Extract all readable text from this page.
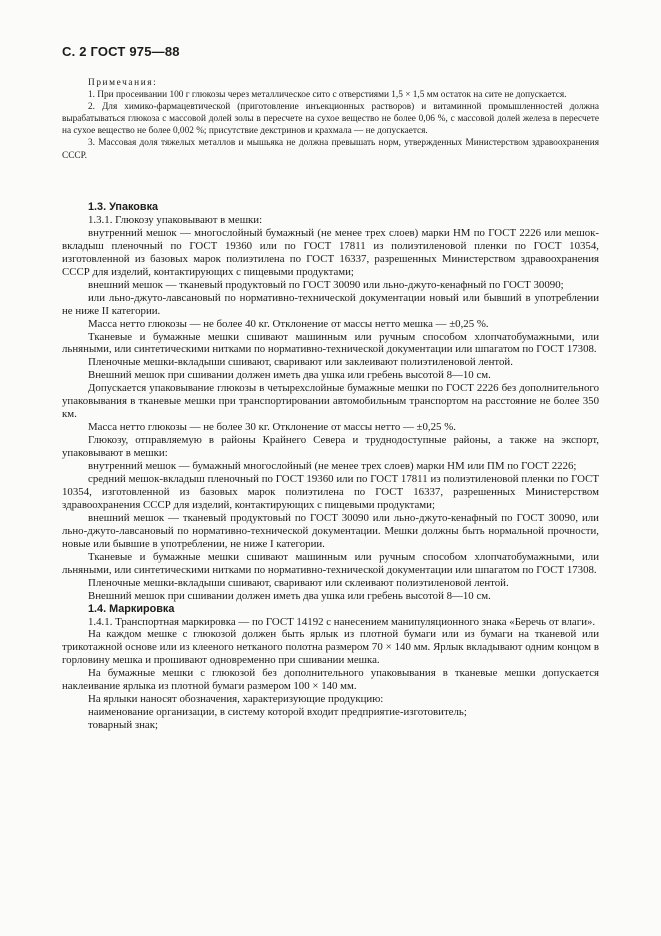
С. 2 ГОСТ 975—88
Примечания:

1. При просеивании 100 г глюкозы через металлическое сито с отверстиями 1,5 × 1,5 мм остаток на сите не допускается.

2. Для химико-фармацевтической (приготовление инъекционных растворов) и витаминной промышленностей должна вырабатываться глюкоза с массовой долей золы в пересчете на сухое вещество не более 0,06 %, с массовой долей железа в пересчете на сухое вещество не более 0,002 %; присутствие декстринов и крахмала — не допускается.

3. Массовая доля тяжелых металлов и мышьяка не должна превышать норм, утвержденных Министерством здравоохранения СССР.

1.3. Упаковка

1.3.1. Глюкозу упаковывают в мешки:

внутренний мешок — многослойный бумажный (не менее трех слоев) марки НМ по ГОСТ 2226 или мешок-вкладыш пленочный по ГОСТ 19360 или по ГОСТ 17811 из полиэтиленовой пленки по ГОСТ 10354, изготовленной из базовых марок полиэтилена по ГОСТ 16337, разрешенных Министерством здравоохранения СССР для изделий, контактирующих с пищевыми продуктами;

внешний мешок — тканевый продуктовый по ГОСТ 30090 или льно-джуто-кенафный по ГОСТ 30090;

или льно-джуто-лавсановый по нормативно-технической документации новый или бывший в употреблении не ниже II категории.

Масса нетто глюкозы — не более 40 кг. Отклонение от массы нетто мешка — ±0,25 %.

Тканевые и бумажные мешки сшивают машинным или ручным способом хлопчатобумажными, или льняными, или синтетическими нитками по нормативно-технической документации или шпагатом по ГОСТ 17308.

Пленочные мешки-вкладыши сшивают, сваривают или заклеивают полиэтиленовой лентой.

Внешний мешок при сшивании должен иметь два ушка или гребень высотой 8—10 см.

Допускается упаковывание глюкозы в четырехслойные бумажные мешки по ГОСТ 2226 без дополнительного упаковывания в тканевые мешки при транспортировании автомобильным транспортом на расстояние не более 350 км.

Масса нетто глюкозы — не более 30 кг. Отклонение от массы нетто — ±0,25 %.

Глюкозу, отправляемую в районы Крайнего Севера и труднодоступные районы, а также на экспорт, упаковывают в мешки:

внутренний мешок — бумажный многослойный (не менее трех слоев) марки НМ или ПМ по ГОСТ 2226;

средний мешок-вкладыш пленочный по ГОСТ 19360 или по ГОСТ 17811 из полиэтиленовой пленки по ГОСТ 10354, изготовленной из базовых марок полиэтилена по ГОСТ 16337, разрешенных Министерством здравоохранения СССР для изделий, контактирующих с пищевыми продуктами;

внешний мешок — тканевый продуктовый по ГОСТ 30090 или льно-джуто-кенафный по ГОСТ 30090, или льно-джуто-лавсановый по нормативно-технической документации. Мешки должны быть нормальной прочности, новые или бывшие в употреблении, не ниже I категории.

Тканевые и бумажные мешки сшивают машинным или ручным способом хлопчатобумажными, или льняными, или синтетическими нитками по нормативно-технической документации или шпагатом по ГОСТ 17308.

Пленочные мешки-вкладыши сшивают, сваривают или склеивают полиэтиленовой лентой.

Внешний мешок при сшивании должен иметь два ушка или гребень высотой 8—10 см.

1.4. Маркировка

1.4.1. Транспортная маркировка — по ГОСТ 14192 с нанесением манипуляционного знака «Беречь от влаги».

На каждом мешке с глюкозой должен быть ярлык из плотной бумаги или из бумаги на тканевой или трикотажной основе или из клееного нетканого полотна размером 70 × 140 мм. Ярлык вкладывают одним концом в горловину мешка и прошивают одновременно при сшивании мешка.

На бумажные мешки с глюкозой без дополнительного упаковывания в тканевые мешки допускается наклеивание ярлыка из плотной бумаги размером 100 × 140 мм.

На ярлыки наносят обозначения, характеризующие продукцию:

наименование организации, в систему которой входит предприятие-изготовитель;

товарный знак;
